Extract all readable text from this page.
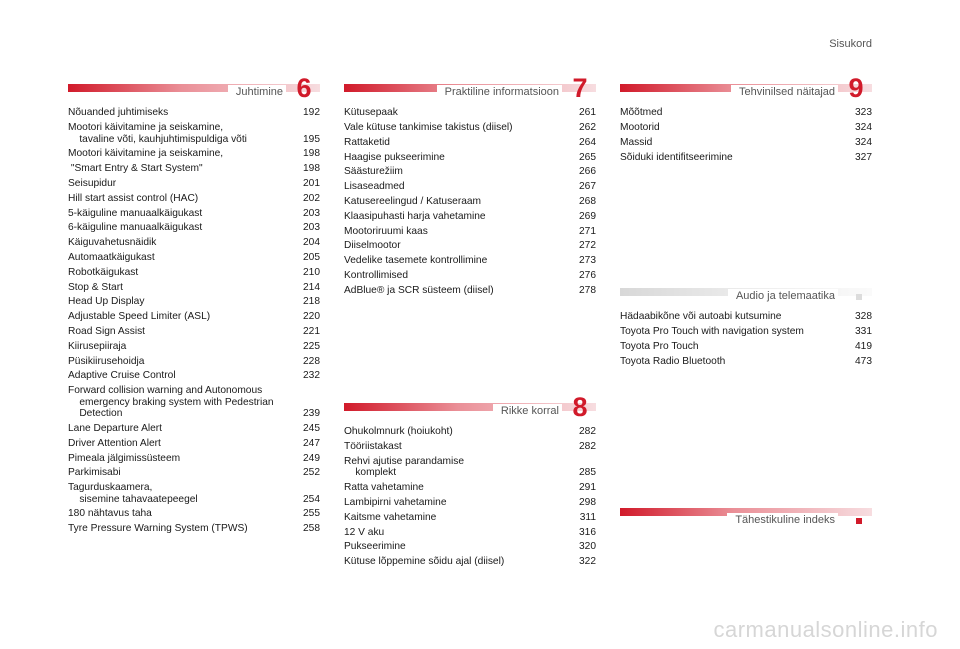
Sisukord
Juhtimine 6
Nõuanded juhtimiseks	192
Mootori käivitamine ja seiskamine,
tavaline võti, kauhjuhtimispuldiga võti	195
Mootori käivitamine ja seiskamine,	198
"Smart Entry & Start System"	198
Seisupidur	201
Hill start assist control (HAC)	202
5-käiguline manuaalkäigukast	203
6-käiguline manuaalkäigukast	203
Käiguvahetusnäidik	204
Automaatkäigukast	205
Robotkäigukast	210
Stop & Start	214
Head Up Display	218
Adjustable Speed Limiter (ASL)	220
Road Sign Assist	221
Kiirusepiiraja	225
Püsikiirusehoidja	228
Adaptive Cruise Control	232
Forward collision warning and Autonomous
emergency braking system with Pedestrian
Detection	239
Lane Departure Alert	245
Driver Attention Alert	247
Pimeala jälgimissüsteem	249
Parkimisabi	252
Tagurduskaamera,
sisemine tahavaatepeegel	254
180 nähtavus taha	255
Tyre Pressure Warning System (TPWS)	258
Praktiline informatsioon 7
Kütusepaak	261
Vale kütuse tankimise takistus (diisel)	262
Rattaketid	264
Haagise pukseerimine	265
Säästurežiim	266
Lisaseadmed	267
Katusereelingud / Katuseraam	268
Klaasipuhasti harja vahetamine	269
Mootoriruumi kaas	271
Diiselmootor	272
Vedelike tasemete kontrollimine	273
Kontrollimised	276
AdBlue® ja SCR süsteem (diisel)	278
Rikke korral 8
Ohukolmnurk (hoiukoht)	282
Tööriistakast	282
Rehvi ajutise parandamise
komplekt	285
Ratta vahetamine	291
Lambipirni vahetamine	298
Kaitsme vahetamine	311
12 V aku	316
Pukseerimine	320
Kütuse lõppemine sõidu ajal (diisel)	322
Tehvinilsed näitajad 9
Mõõtmed	323
Mootorid	324
Massid	324
Sõiduki identifitseerimine	327
Audio ja telemaatika
Hädaabikõne või autoabi kutsumine	328
Toyota Pro Touch with navigation system	331
Toyota Pro Touch	419
Toyota Radio Bluetooth	473
Tähestikuline indeks
carmanualsonline.info
